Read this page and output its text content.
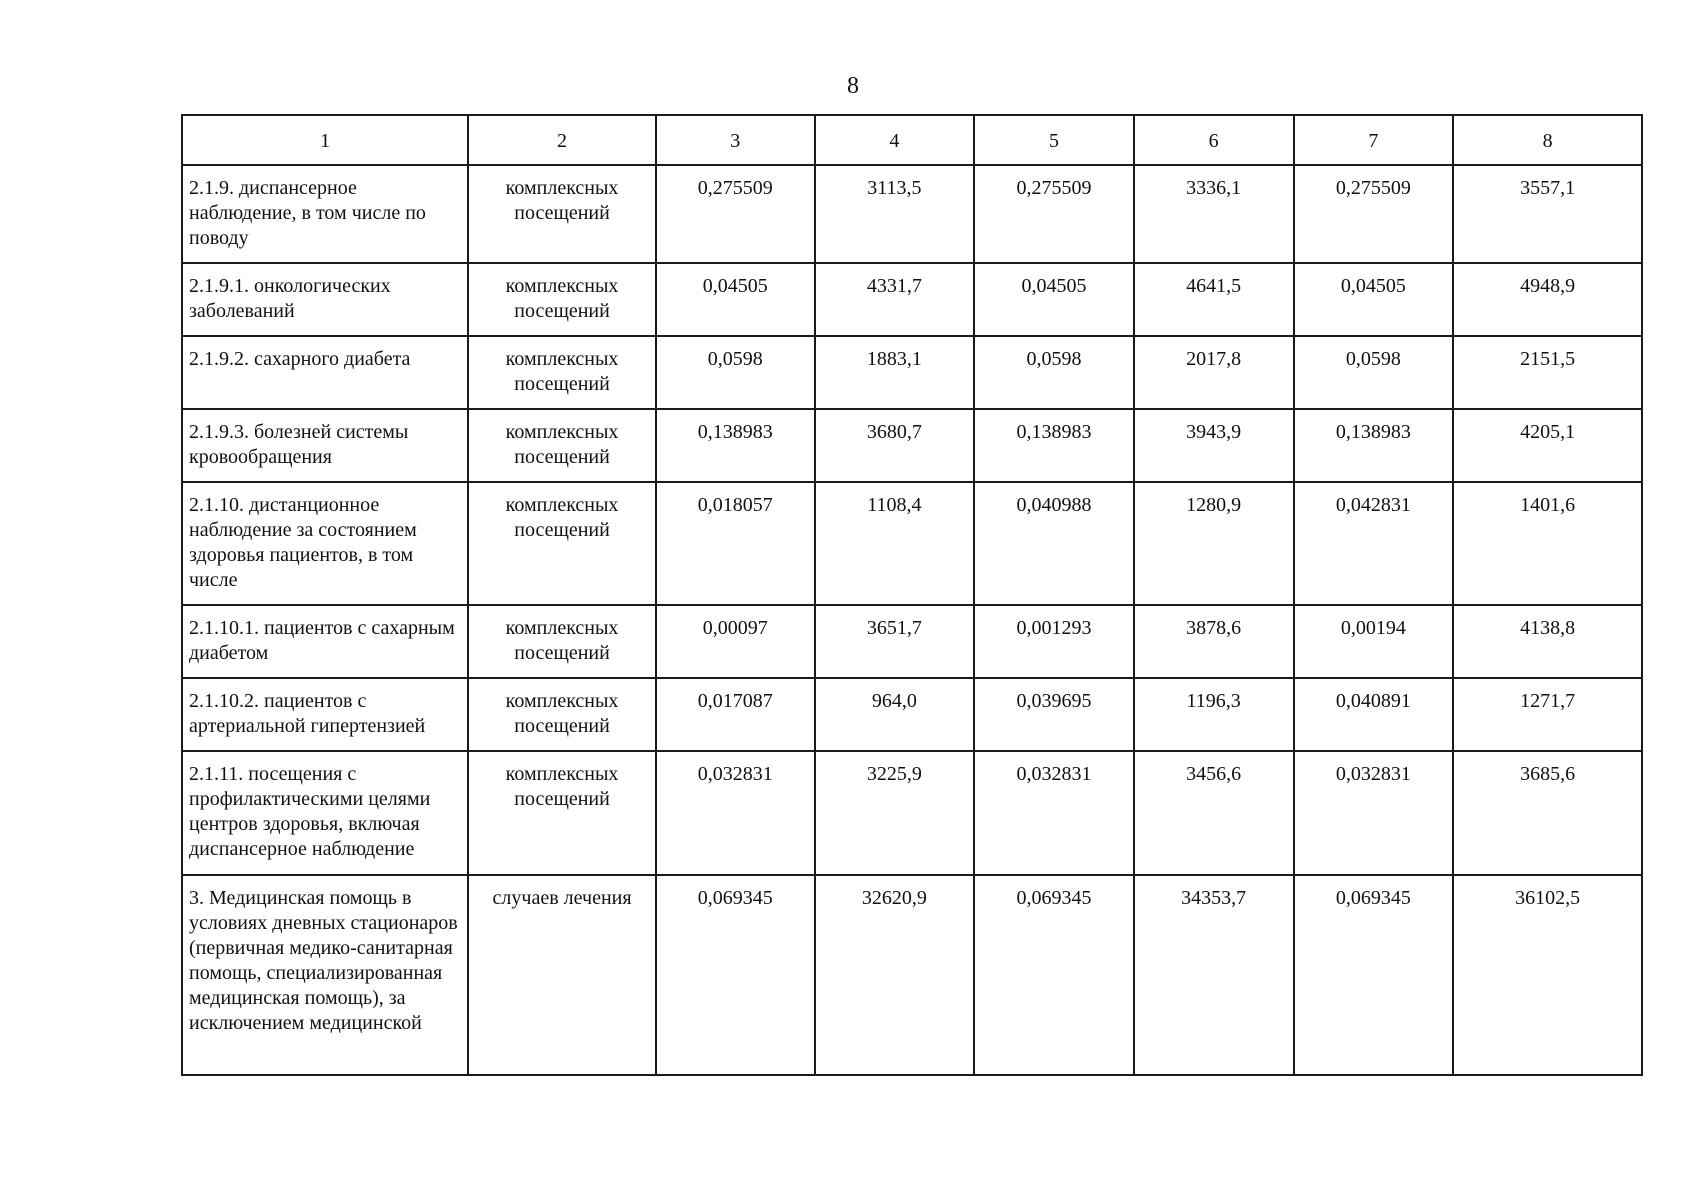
8
1	2	3	4	5	6	7	8
2.1.9. диспансерное наблюдение, в том числе по поводу	комплексных посещений	0,275509	3113,5	0,275509	3336,1	0,275509	3557,1
2.1.9.1. онкологических заболеваний	комплексных посещений	0,04505	4331,7	0,04505	4641,5	0,04505	4948,9
2.1.9.2. сахарного диабета	комплексных посещений	0,0598	1883,1	0,0598	2017,8	0,0598	2151,5
2.1.9.3. болезней системы кровообращения	комплексных посещений	0,138983	3680,7	0,138983	3943,9	0,138983	4205,1
2.1.10. дистанционное наблюдение за состоянием здоровья пациентов, в том числе	комплексных посещений	0,018057	1108,4	0,040988	1280,9	0,042831	1401,6
2.1.10.1. пациентов с сахарным диабетом	комплексных посещений	0,00097	3651,7	0,001293	3878,6	0,00194	4138,8
2.1.10.2. пациентов с артериальной гипертензией	комплексных посещений	0,017087	964,0	0,039695	1196,3	0,040891	1271,7
2.1.11. посещения с профилактическими целями центров здоровья, включая диспансерное наблюдение	комплексных посещений	0,032831	3225,9	0,032831	3456,6	0,032831	3685,6
3. Медицинская помощь в условиях дневных стационаров (первичная медико-санитарная помощь, специализированная медицинская помощь), за исключением медицинской	случаев лечения	0,069345	32620,9	0,069345	34353,7	0,069345	36102,5
